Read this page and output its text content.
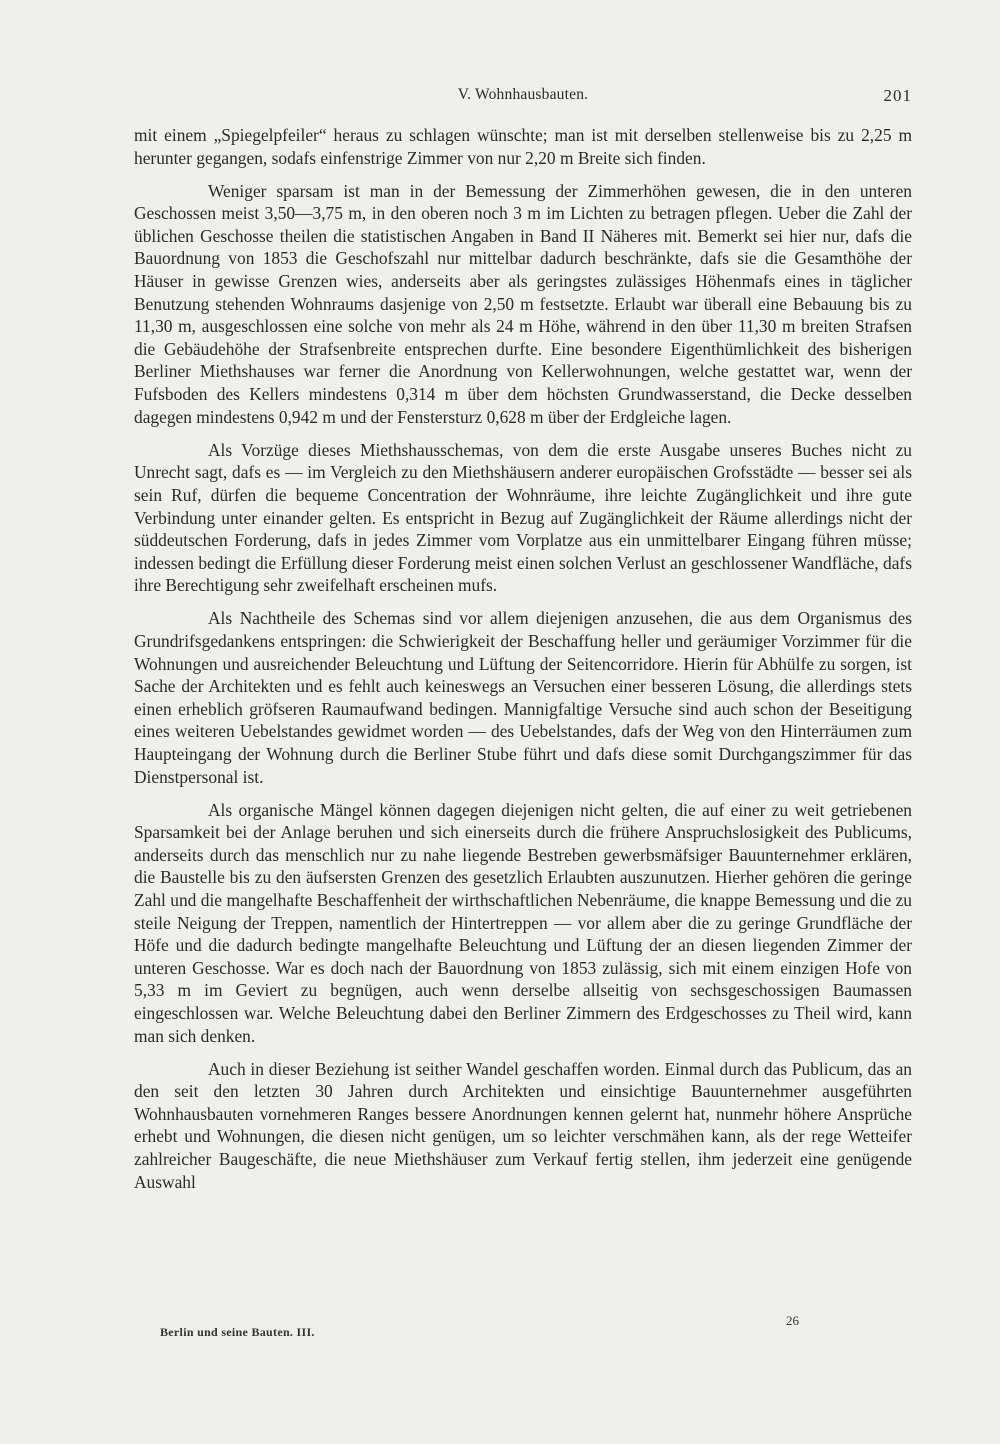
V. Wohnhausbauten.	201

mit einem „Spiegelpfeiler“ heraus zu schlagen wünschte; man ist mit derselben stellenweise bis zu 2,25 m herunter gegangen, sodafs einfenstrige Zimmer von nur 2,20 m Breite sich finden.

Weniger sparsam ist man in der Bemessung der Zimmerhöhen gewesen, die in den unteren Geschossen meist 3,50—3,75 m, in den oberen noch 3 m im Lichten zu betragen pflegen. Ueber die Zahl der üblichen Geschosse theilen die statistischen Angaben in Band II Näheres mit. Bemerkt sei hier nur, dafs die Bauordnung von 1853 die Geschofszahl nur mittelbar dadurch beschränkte, dafs sie die Gesamthöhe der Häuser in gewisse Grenzen wies, anderseits aber als geringstes zulässiges Höhenmafs eines in täglicher Benutzung stehenden Wohnraums dasjenige von 2,50 m festsetzte. Erlaubt war überall eine Bebauung bis zu 11,30 m, ausgeschlossen eine solche von mehr als 24 m Höhe, während in den über 11,30 m breiten Strafsen die Gebäudehöhe der Strafsenbreite entsprechen durfte. Eine besondere Eigenthümlichkeit des bisherigen Berliner Miethshauses war ferner die Anordnung von Kellerwohnungen, welche gestattet war, wenn der Fufsboden des Kellers mindestens 0,314 m über dem höchsten Grundwasserstand, die Decke desselben dagegen mindestens 0,942 m und der Fenstersturz 0,628 m über der Erdgleiche lagen.

Als Vorzüge dieses Miethshausschemas, von dem die erste Ausgabe unseres Buches nicht zu Unrecht sagt, dafs es — im Vergleich zu den Miethshäusern anderer europäischen Grofsstädte — besser sei als sein Ruf, dürfen die bequeme Concentration der Wohnräume, ihre leichte Zugänglichkeit und ihre gute Verbindung unter einander gelten. Es entspricht in Bezug auf Zugänglichkeit der Räume allerdings nicht der süddeutschen Forderung, dafs in jedes Zimmer vom Vorplatze aus ein unmittelbarer Eingang führen müsse; indessen bedingt die Erfüllung dieser Forderung meist einen solchen Verlust an geschlossener Wandfläche, dafs ihre Berechtigung sehr zweifelhaft erscheinen mufs.

Als Nachtheile des Schemas sind vor allem diejenigen anzusehen, die aus dem Organismus des Grundrifsgedankens entspringen: die Schwierigkeit der Beschaffung heller und geräumiger Vorzimmer für die Wohnungen und ausreichender Beleuchtung und Lüftung der Seitencorridore. Hierin für Abhülfe zu sorgen, ist Sache der Architekten und es fehlt auch keineswegs an Versuchen einer besseren Lösung, die allerdings stets einen erheblich gröfseren Raumaufwand bedingen. Mannigfaltige Versuche sind auch schon der Beseitigung eines weiteren Uebelstandes gewidmet worden — des Uebelstandes, dafs der Weg von den Hinterräumen zum Haupteingang der Wohnung durch die Berliner Stube führt und dafs diese somit Durchgangszimmer für das Dienstpersonal ist.

Als organische Mängel können dagegen diejenigen nicht gelten, die auf einer zu weit getriebenen Sparsamkeit bei der Anlage beruhen und sich einerseits durch die frühere Anspruchslosigkeit des Publicums, anderseits durch das menschlich nur zu nahe liegende Bestreben gewerbsmäfsiger Bauunternehmer erklären, die Baustelle bis zu den äufsersten Grenzen des gesetzlich Erlaubten auszunutzen. Hierher gehören die geringe Zahl und die mangelhafte Beschaffenheit der wirthschaftlichen Nebenräume, die knappe Bemessung und die zu steile Neigung der Treppen, namentlich der Hintertreppen — vor allem aber die zu geringe Grundfläche der Höfe und die dadurch bedingte mangelhafte Beleuchtung und Lüftung der an diesen liegenden Zimmer der unteren Geschosse. War es doch nach der Bauordnung von 1853 zulässig, sich mit einem einzigen Hofe von 5,33 m im Geviert zu begnügen, auch wenn derselbe allseitig von sechsgeschossigen Baumassen eingeschlossen war. Welche Beleuchtung dabei den Berliner Zimmern des Erdgeschosses zu Theil wird, kann man sich denken.

Auch in dieser Beziehung ist seither Wandel geschaffen worden. Einmal durch das Publicum, das an den seit den letzten 30 Jahren durch Architekten und einsichtige Bauunternehmer ausgeführten Wohnhausbauten vornehmeren Ranges bessere Anordnungen kennen gelernt hat, nunmehr höhere Ansprüche erhebt und Wohnungen, die diesen nicht genügen, um so leichter verschmähen kann, als der rege Wetteifer zahlreicher Baugeschäfte, die neue Miethshäuser zum Verkauf fertig stellen, ihm jederzeit eine genügende Auswahl

Berlin und seine Bauten. III.
26
